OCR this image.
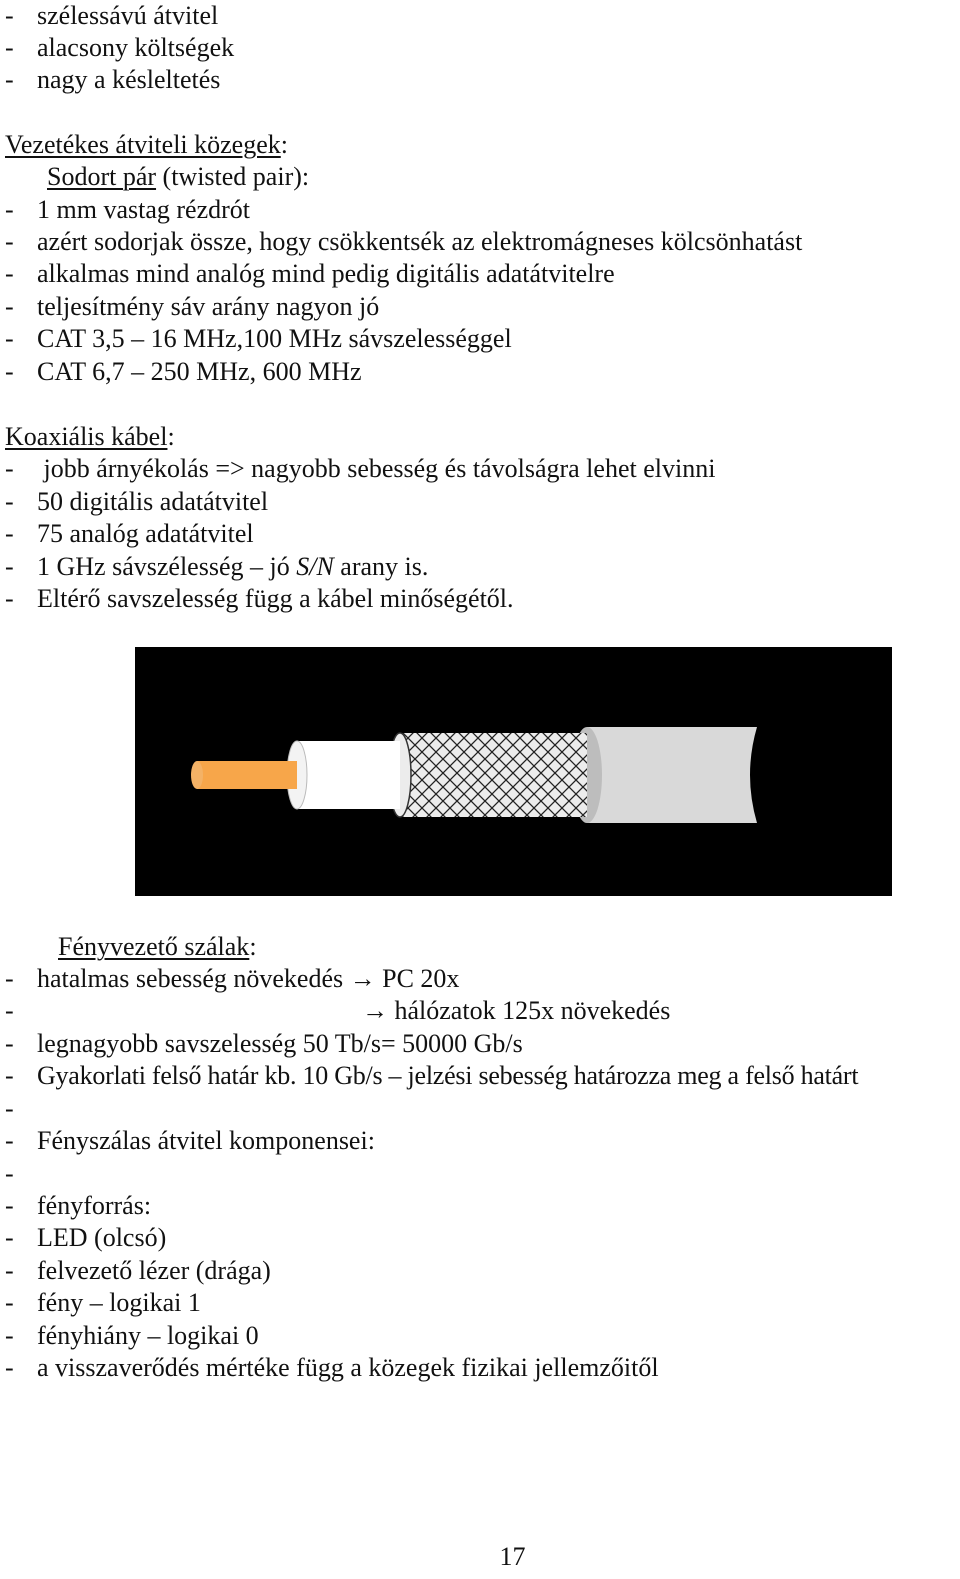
- szélessávú átvitel
- alacsony költségek
- nagy a késleltetés
Vezetékes átviteli közegek:
Sodort pár (twisted pair):
- 1 mm vastag rézdrót
- azért sodorjak össze, hogy csökkentsék az elektromágneses kölcsönhatást
- alkalmas mind analóg mind pedig digitális adatátvitelre
- teljesítmény sáv arány nagyon jó
- CAT 3,5 – 16 MHz,100 MHz sávszelességgel
- CAT 6,7 – 250 MHz, 600 MHz
Koaxiális kábel:
- jobb árnyékolás => nagyobb sebesség és távolságra lehet elvinni
- 50 digitális adatátvitel
- 75 analóg adatátvitel
- 1 GHz sávszélesség – jó S/N arany is.
- Eltérő savszelesség függ a kábel minőségétől.
Fényvezető szálak:
- hatalmas sebesség növekedés → PC 20x
-	→ hálózatok 125x növekedés
- legnagyobb savszelesség 50 Tb/s= 50000 Gb/s
- Gyakorlati felső határ kb. 10 Gb/s – jelzési sebesség határozza meg a felső határt
-
- Fényszálas átvitel komponensei:
-
- fényforrás:
- LED (olcsó)
- felvezető lézer (drága)
- fény – logikai 1
- fényhiány – logikai 0
- a visszaverődés mértéke függ a közegek fizikai jellemzőitől
17
